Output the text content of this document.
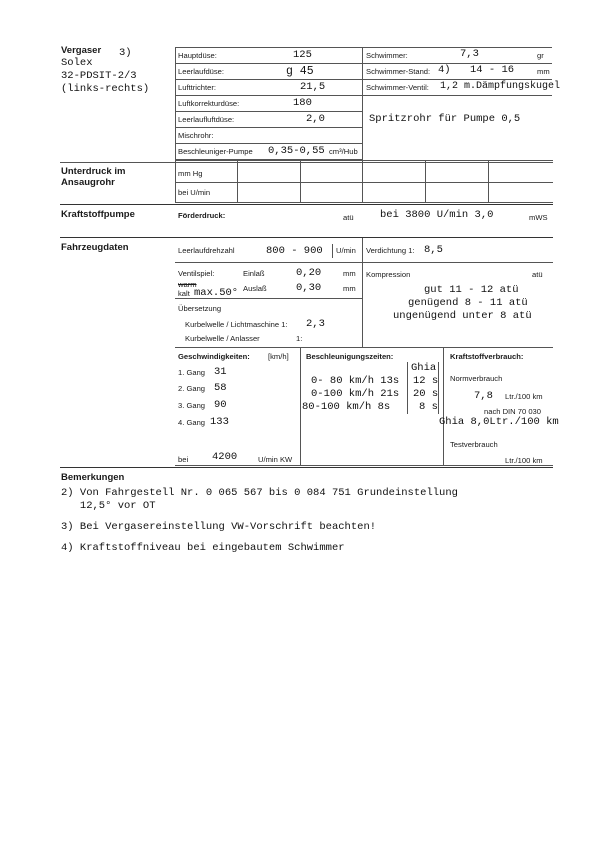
Vergaser
Solex
3)
32-PDSIT-2/3
(links-rechts)
Hauptdüse:	125
Leerlaufdüse:	g 45
Lufttrichter:	21,5
Luftkorrekturdüse:	180
Leerlaufluftdüse:	2,0
Mischrohr:
Beschleuniger-Pumpe 0,35-0,55 cm³/Hub
Schwimmer:	7,3	gr
Schwimmer-Stand: 4) 14 - 16	mm
Schwimmer-Ventil: 1,2 m.Dämpfungskugel
Spritzrohr für Pumpe 0,5
Unterdruck im
Ansaugrohr
mm Hg
bei U/min
Kraftstoffpumpe	Förderdruck:	atü	bei 3800 U/min 3,0	mWS
Fahrzeugdaten	Leerlaufdrehzahl	800 - 900 U/min Verdichtung 1: 8,5
Ventilspiel:	Einlaß	0,20	mm
warm
kalt max.50° Auslaß	0,30	mm
Kompression	atü
gut 11 - 12 atü
genügend 8 - 11 atü
ungenügend unter 8 atü
Übersetzung
Kurbelwelle / Lichtmaschine 1: 2,3
Kurbelwelle / Anlasser	1:
Geschwindigkeiten: [km/h]
1. Gang 31
2. Gang 58
3. Gang 90
4. Gang 133
bei 4200	U/min KW
Beschleunigungszeiten:
Ghia
0- 80 km/h 13s 12 s
0-100 km/h 21s 20 s
80-100 km/h 8s	8 s
Kraftstoffverbrauch:
Normverbrauch
7,8 Ltr./100 km
nach DIN 70 030
Ghia 8,0Ltr./100 km
Testverbrauch
Ltr./100 km
Bemerkungen
2) Von Fahrgestell Nr. 0 065 567 bis 0 084 751 Grundeinstellung
12,5° vor OT
3) Bei Vergasereinstellung VW-Vorschrift beachten!
4) Kraftstoffniveau bei eingebautem Schwimmer
